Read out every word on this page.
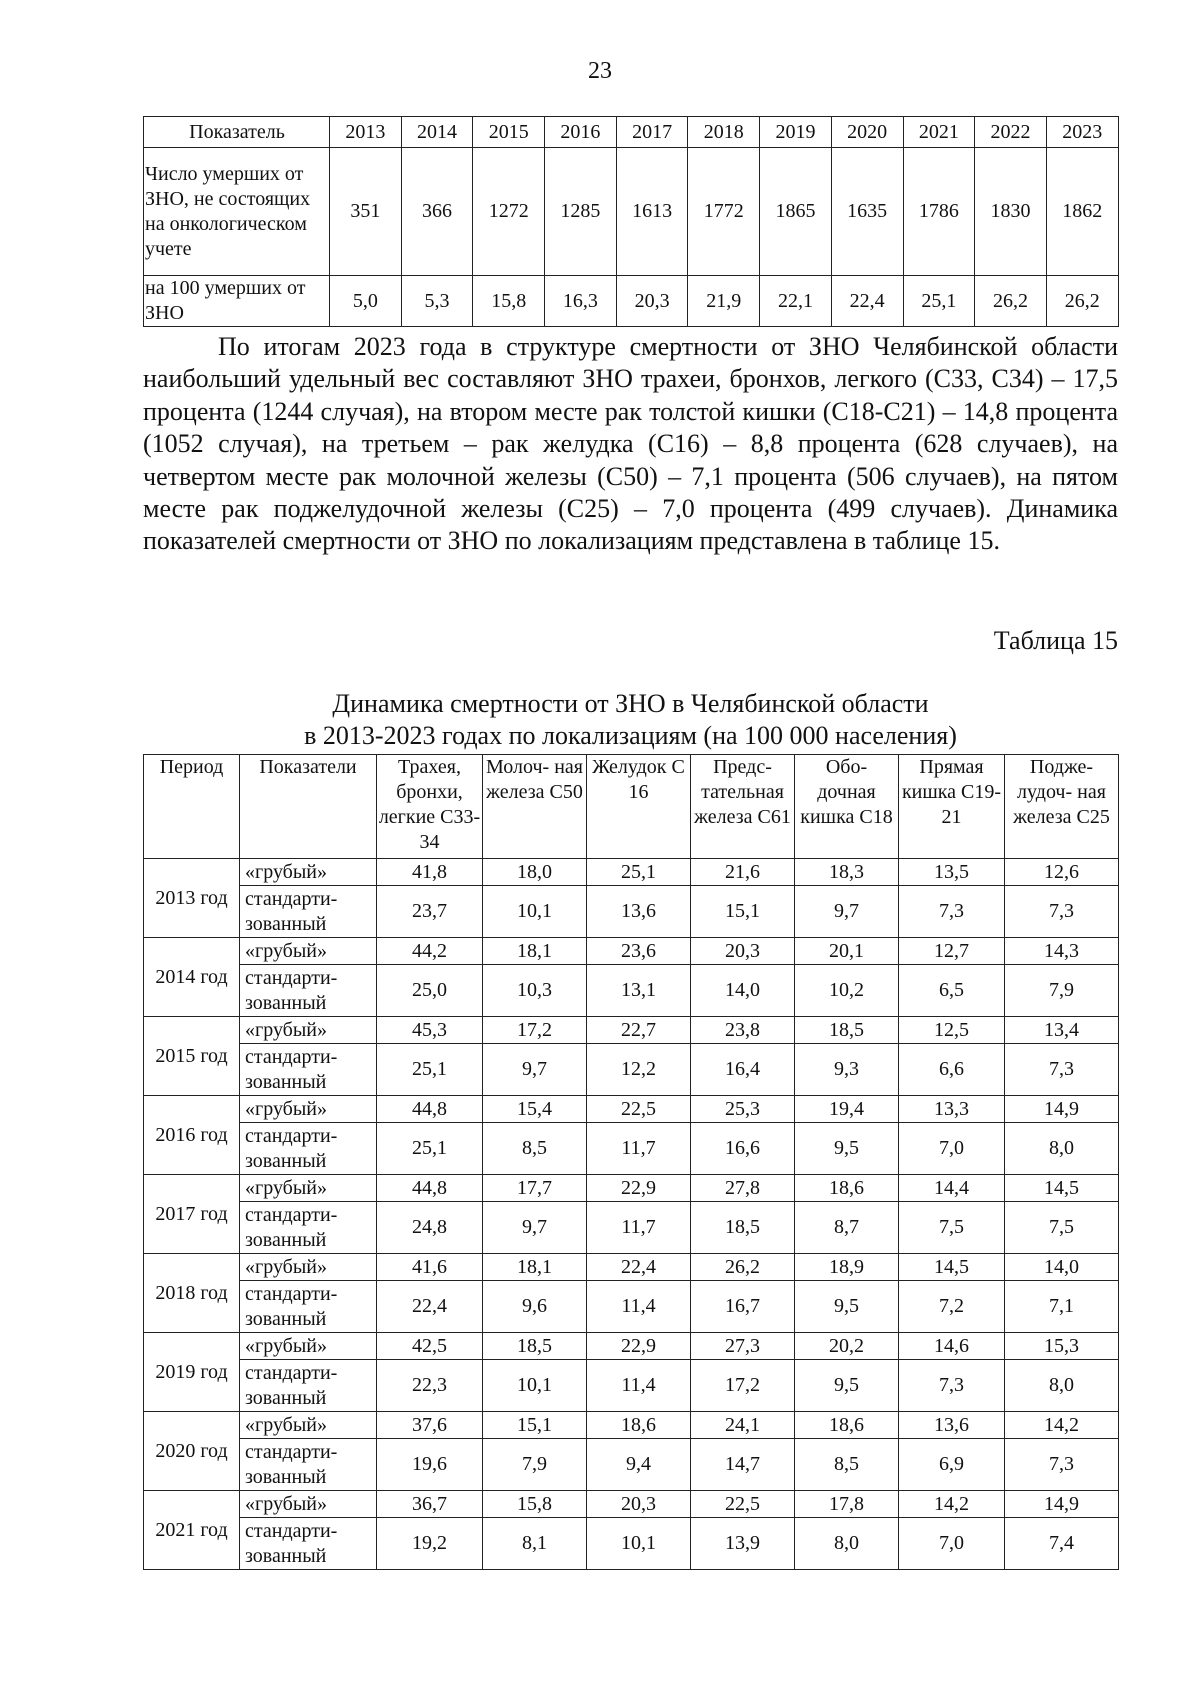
23
Показатель	2013	2014	2015	2016	2017	2018	2019	2020	2021	2022	2023
Число умерших от ЗНО, не состоящих на онкологическом учете	351	366	1272	1285	1613	1772	1865	1635	1786	1830	1862
на 100 умерших от ЗНО	5,0	5,3	15,8	16,3	20,3	21,9	22,1	22,4	25,1	26,2	26,2

По итогам 2023 года в структуре смертности от ЗНО Челябинской области наибольший удельный вес составляют ЗНО трахеи, бронхов, легкого (С33, С34) – 17,5 процента (1244 случая), на втором месте рак толстой кишки (С18-С21) – 14,8 процента (1052 случая), на третьем – рак желудка (С16) – 8,8 процента (628 случаев), на четвертом месте рак молочной железы (С50) – 7,1 процента (506 случаев), на пятом месте рак поджелудочной железы (С25) – 7,0 процента (499 случаев). Динамика показателей смертности от ЗНО по локализациям представлена в таблице 15.

Таблица 15
Динамика смертности от ЗНО в Челябинской области
в 2013-2023 годах по локализациям (на 100 000 населения)
Период	Показатели	Трахея, бронхи, легкие С33-34	Молоч- ная железа С50	Желудок С 16	Предс- тательная железа С61	Обо- дочная кишка С18	Прямая кишка С19-21	Подже- лудоч- ная железа С25
2013 год	«грубый»	41,8	18,0	25,1	21,6	18,3	13,5	12,6
	стандарти- зованный	23,7	10,1	13,6	15,1	9,7	7,3	7,3
2014 год	«грубый»	44,2	18,1	23,6	20,3	20,1	12,7	14,3
	стандарти- зованный	25,0	10,3	13,1	14,0	10,2	6,5	7,9
2015 год	«грубый»	45,3	17,2	22,7	23,8	18,5	12,5	13,4
	стандарти- зованный	25,1	9,7	12,2	16,4	9,3	6,6	7,3
2016 год	«грубый»	44,8	15,4	22,5	25,3	19,4	13,3	14,9
	стандарти- зованный	25,1	8,5	11,7	16,6	9,5	7,0	8,0
2017 год	«грубый»	44,8	17,7	22,9	27,8	18,6	14,4	14,5
	стандарти- зованный	24,8	9,7	11,7	18,5	8,7	7,5	7,5
2018 год	«грубый»	41,6	18,1	22,4	26,2	18,9	14,5	14,0
	стандарти- зованный	22,4	9,6	11,4	16,7	9,5	7,2	7,1
2019 год	«грубый»	42,5	18,5	22,9	27,3	20,2	14,6	15,3
	стандарти- зованный	22,3	10,1	11,4	17,2	9,5	7,3	8,0
2020 год	«грубый»	37,6	15,1	18,6	24,1	18,6	13,6	14,2
	стандарти- зованный	19,6	7,9	9,4	14,7	8,5	6,9	7,3
2021 год	«грубый»	36,7	15,8	20,3	22,5	17,8	14,2	14,9
	стандарти- зованный	19,2	8,1	10,1	13,9	8,0	7,0	7,4
